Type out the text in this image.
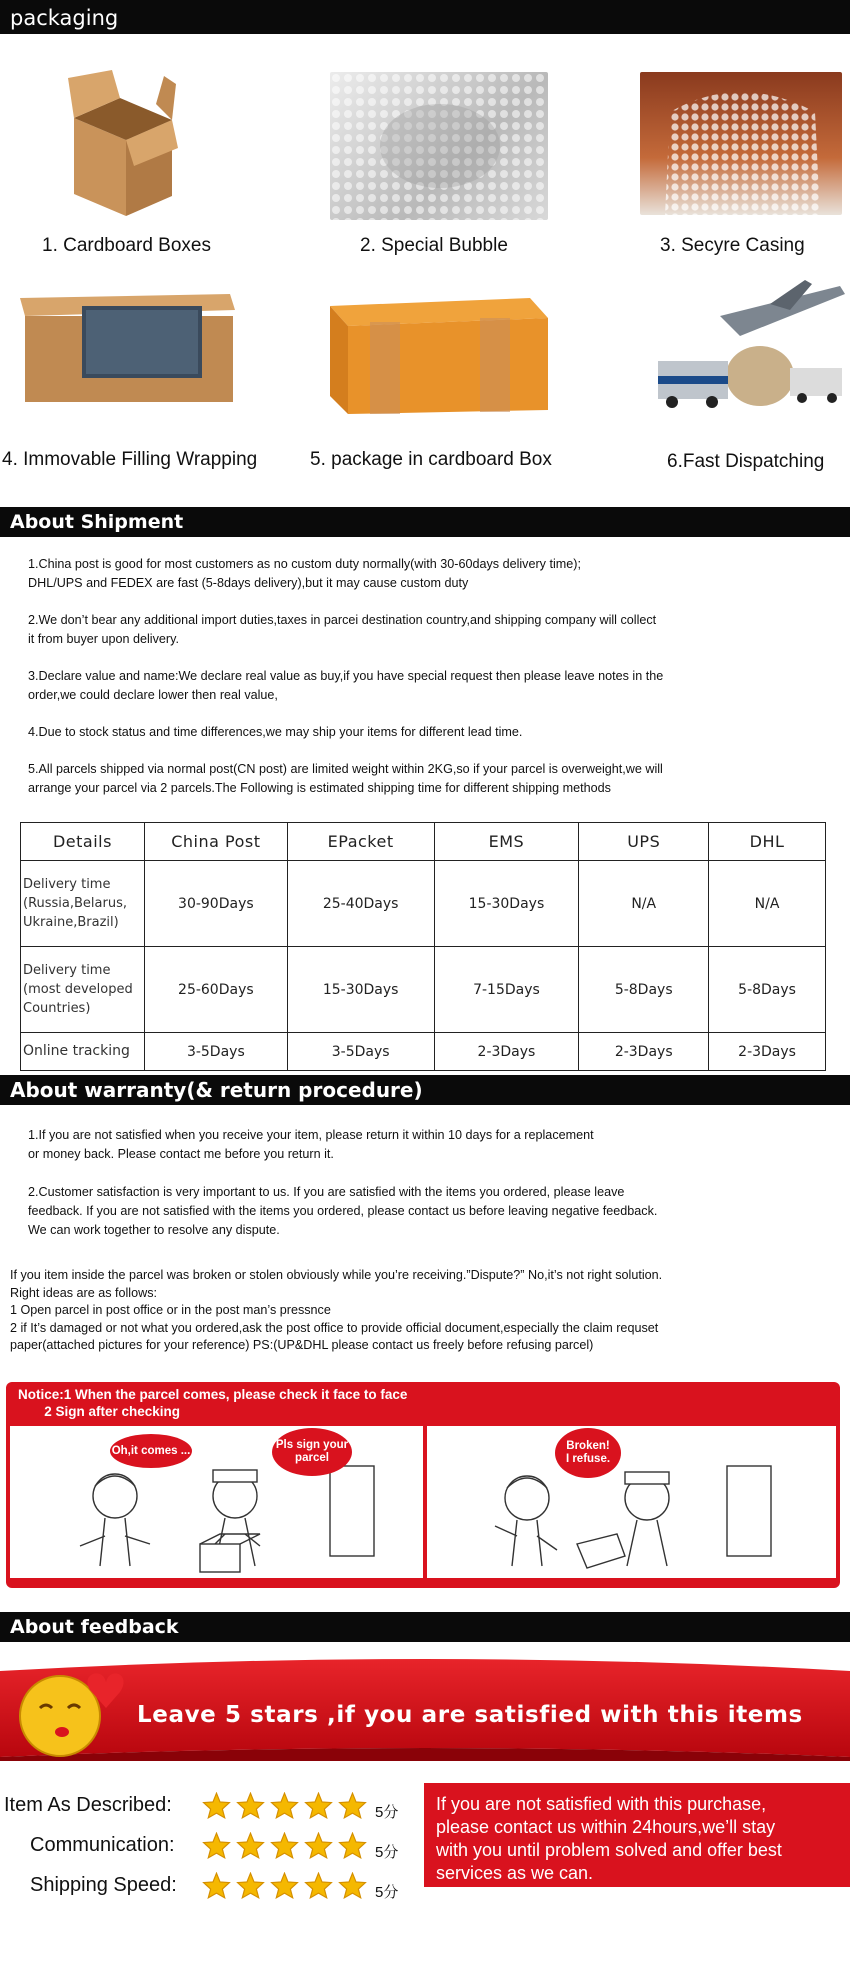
packaging
1. Cardboard Boxes	2. Special Bubble	3. Secyre Casing
4. Immovable Filling Wrapping	5. package in cardboard Box	6.Fast Dispatching
About Shipment
1.China post is good for most customers as no custom duty normally(with 30-60days delivery time);
DHL/UPS and FEDEX are fast (5-8days delivery),but it may cause custom duty
2.We don’t bear any additional import duties,taxes in parcei destination country,and shipping company will collect
it from buyer upon delivery.
3.Declare value and name:We declare real value as buy,if you have special request then please leave notes in the
order,we could declare lower then real value,
4.Due to stock status and time differences,we may ship your items for different lead time.
5.All parcels shipped via normal post(CN post) are limited weight within 2KG,so if your parcel is overweight,we will
arrange your parcel via 2 parcels.The Following is estimated shipping time for different shipping methods
Details	China Post	EPacket	EMS	UPS	DHL

Delivery time
(Russia,Belarus,
Ukraine,Brazil)	30-90Days	25-40Days	15-30Days	N/A	N/A

Delivery time
(most developed
Countries)	25-60Days	15-30Days	7-15Days	5-8Days	5-8Days

Online tracking	3-5Days	3-5Days	2-3Days	2-3Days	2-3Days
About warranty(& return procedure)
1.If you are not satisfied when you receive your item, please return it within 10 days for a replacement
or money back. Please contact me before you return it.
2.Customer satisfaction is very important to us. If you are satisfied with the items you ordered, please leave
feedback. If you are not satisfied with the items you ordered, please contact us before leaving negative feedback.
We can work together to resolve any dispute.
If you item inside the parcel was broken or stolen obviously while you’re receiving.”Dispute?” No,it’s not right solution.
Right ideas are as follows:
1 Open parcel in post office or in the post man’s pressnce
2 if It’s damaged or not what you ordered,ask the post office to provide official document,especially the claim requset
paper(attached pictures for your reference) PS:(UP&DHL please contact us freely before refusing parcel)
Notice:1 When the parcel comes, please check it face to face
2 Sign after checking
Oh,it comes ...	Pls sign your
parcel
Broken!
I refuse.
About feedback
Leave 5 stars ,if you are satisfied with this items
Item As Described:	5分
Communication:	5分
Shipping Speed:	5分
If you are not satisfied with this purchase,
please contact us within 24hours,we’ll stay
with you until problem solved and offer best
services as we can.
